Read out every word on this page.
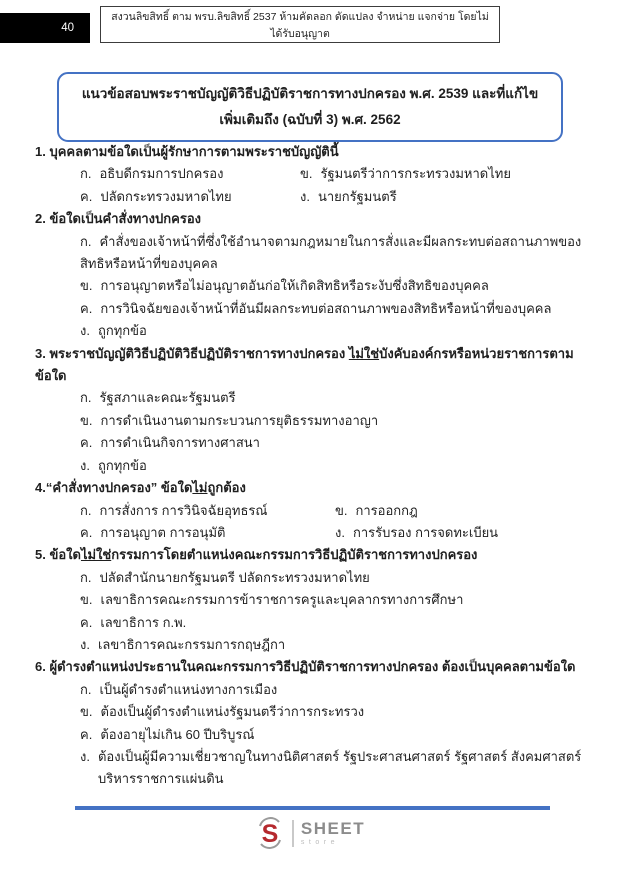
40
สงวนลิขสิทธิ์ ตาม พรบ.ลิขสิทธิ์ 2537 ห้ามคัดลอก ดัดแปลง จำหน่าย แจกจ่าย โดยไม่ได้รับอนุญาต
แนวข้อสอบพระราชบัญญัติวิธีปฏิบัติราชการทางปกครอง พ.ศ. 2539 และที่แก้ไขเพิ่มเติมถึง (ฉบับที่ 3) พ.ศ. 2562
1. บุคคลตามข้อใดเป็นผู้รักษาการตามพระราชบัญญัตินี้
ก. อธิบดีกรมการปกครอง	ข. รัฐมนตรีว่าการกระทรวงมหาดไทย
ค. ปลัดกระทรวงมหาดไทย	ง. นายกรัฐมนตรี
2. ข้อใดเป็นคำสั่งทางปกครอง
ก. คำสั่งของเจ้าหน้าที่ซึ่งใช้อำนาจตามกฎหมายในการสั่งและมีผลกระทบต่อสถานภาพของสิทธิหรือหน้าที่ของบุคคล
ข. การอนุญาตหรือไม่อนุญาตอันก่อให้เกิดสิทธิหรือระงับซึ่งสิทธิของบุคคล
ค. การวินิจฉัยของเจ้าหน้าที่อันมีผลกระทบต่อสถานภาพของสิทธิหรือหน้าที่ของบุคคล
ง. ถูกทุกข้อ
3. พระราชบัญญัติวิธีปฏิบัติวิธีปฏิบัติราชการทางปกครอง ไม่ใช่บังคับองค์กรหรือหน่วยราชการตามข้อใด
ก. รัฐสภาและคณะรัฐมนตรี
ข. การดำเนินงานตามกระบวนการยุติธรรมทางอาญา
ค. การดำเนินกิจการทางศาสนา
ง. ถูกทุกข้อ
4.“คำสั่งทางปกครอง” ข้อใดไม่ถูกต้อง
ก. การสั่งการ การวินิจฉัยอุทธรณ์	ข. การออกกฎ
ค. การอนุญาต การอนุมัติ	ง. การรับรอง การจดทะเบียน
5. ข้อใดไม่ใช่กรรมการโดยตำแหน่งคณะกรรมการวิธีปฏิบัติราชการทางปกครอง
ก. ปลัดสำนักนายกรัฐมนตรี ปลัดกระทรวงมหาดไทย
ข. เลขาธิการคณะกรรมการข้าราชการครูและบุคลากรทางการศึกษา
ค. เลขาธิการ ก.พ.
ง. เลขาธิการคณะกรรมการกฤษฎีกา
6. ผู้ดำรงตำแหน่งประธานในคณะกรรมการวิธีปฏิบัติราชการทางปกครอง ต้องเป็นบุคคลตามข้อใด
ก. เป็นผู้ดำรงตำแหน่งทางการเมือง
ข. ต้องเป็นผู้ดำรงตำแหน่งรัฐมนตรีว่าการกระทรวง
ค. ต้องอายุไม่เกิน 60 ปีบริบูรณ์
ง. ต้องเป็นผู้มีความเชี่ยวชาญในทางนิติศาสตร์ รัฐประศาสนศาสตร์ รัฐศาสตร์ สังคมศาสตร์ บริหารราชการแผ่นดิน
S SHEET
store
